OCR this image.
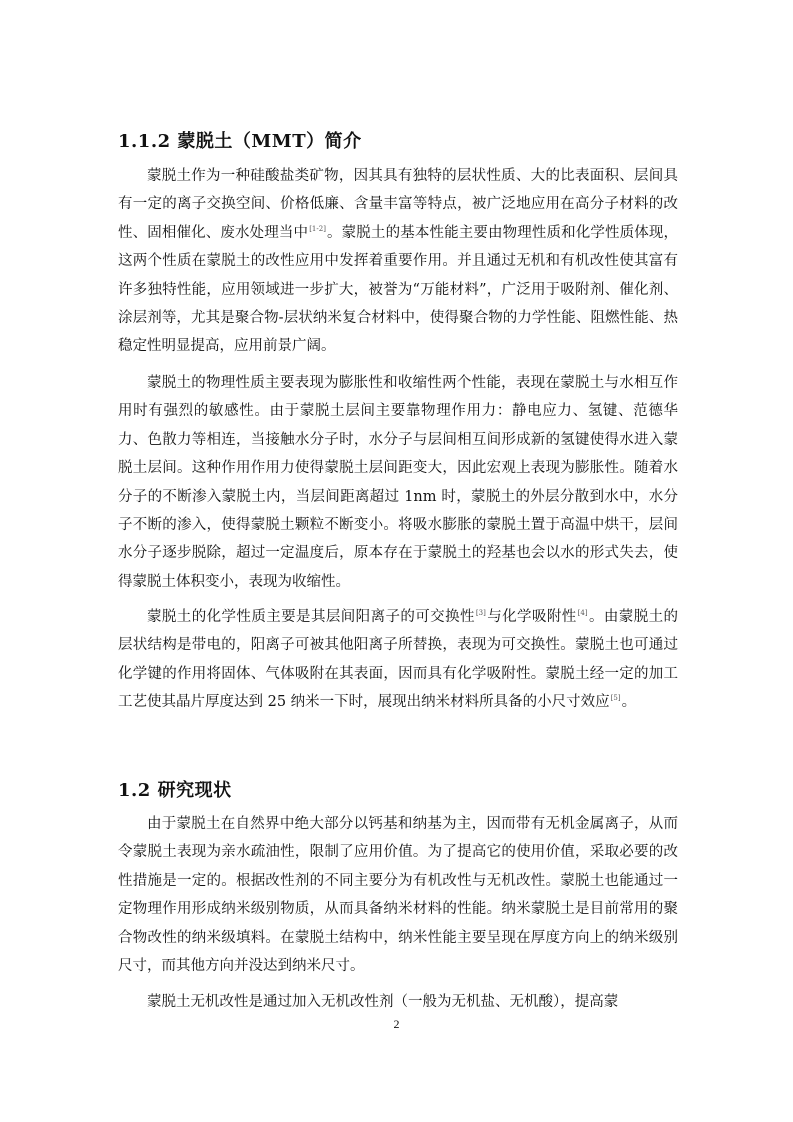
1.1.2 蒙脱土（MMT）简介

蒙脱土作为一种硅酸盐类矿物，因其具有独特的层状性质、大的比表面积、层间具有一定的离子交换空间、价格低廉、含量丰富等特点，被广泛地应用在高分子材料的改性、固相催化、废水处理当中[1-2]。蒙脱土的基本性能主要由物理性质和化学性质体现，这两个性质在蒙脱土的改性应用中发挥着重要作用。并且通过无机和有机改性使其富有许多独特性能，应用领域进一步扩大，被誉为“万能材料”，广泛用于吸附剂、催化剂、涂层剂等，尤其是聚合物-层状纳米复合材料中，使得聚合物的力学性能、阻燃性能、热稳定性明显提高，应用前景广阔。

蒙脱土的物理性质主要表现为膨胀性和收缩性两个性能，表现在蒙脱土与水相互作用时有强烈的敏感性。由于蒙脱土层间主要靠物理作用力：静电应力、氢键、范德华力、色散力等相连，当接触水分子时，水分子与层间相互间形成新的氢键使得水进入蒙脱土层间。这种作用作用力使得蒙脱土层间距变大，因此宏观上表现为膨胀性。随着水分子的不断渗入蒙脱土内，当层间距离超过 1nm 时，蒙脱土的外层分散到水中，水分子不断的渗入，使得蒙脱土颗粒不断变小。将吸水膨胀的蒙脱土置于高温中烘干，层间水分子逐步脱除，超过一定温度后，原本存在于蒙脱土的羟基也会以水的形式失去，使得蒙脱土体积变小，表现为收缩性。

蒙脱土的化学性质主要是其层间阳离子的可交换性[3]与化学吸附性[4]。由蒙脱土的层状结构是带电的，阳离子可被其他阳离子所替换，表现为可交换性。蒙脱土也可通过化学键的作用将固体、气体吸附在其表面，因而具有化学吸附性。蒙脱土经一定的加工工艺使其晶片厚度达到 25 纳米一下时，展现出纳米材料所具备的小尺寸效应[5]。

1.2 研究现状

由于蒙脱土在自然界中绝大部分以钙基和纳基为主，因而带有无机金属离子，从而令蒙脱土表现为亲水疏油性，限制了应用价值。为了提高它的使用价值，采取必要的改性措施是一定的。根据改性剂的不同主要分为有机改性与无机改性。蒙脱土也能通过一定物理作用形成纳米级别物质，从而具备纳米材料的性能。纳米蒙脱土是目前常用的聚合物改性的纳米级填料。在蒙脱土结构中，纳米性能主要呈现在厚度方向上的纳米级别尺寸，而其他方向并没达到纳米尺寸。

蒙脱土无机改性是通过加入无机改性剂（一般为无机盐、无机酸），提高蒙

2
